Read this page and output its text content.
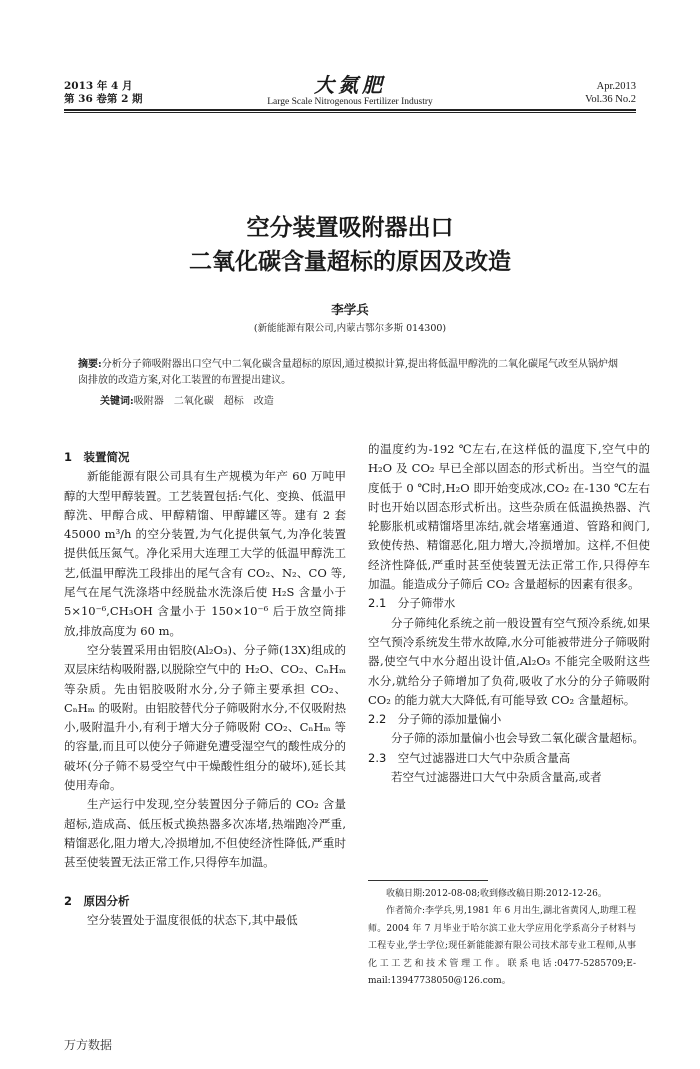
2013 年 4 月
第 36 卷第 2 期
大氮肥
Large Scale Nitrogenous Fertilizer Industry
Apr.2013
Vol.36 No.2
空分装置吸附器出口
二氧化碳含量超标的原因及改造
李学兵
(新能能源有限公司,内蒙古鄂尔多斯 014300)
摘要:分析分子筛吸附器出口空气中二氧化碳含量超标的原因,通过模拟计算,提出将低温甲醇洗的二氧化碳尾气改至从锅炉烟囱排放的改造方案,对化工装置的布置提出建议。
关键词:吸附器　二氧化碳　超标　改造
1　装置简况

新能能源有限公司具有生产规模为年产 60 万吨甲醇的大型甲醇装置。工艺装置包括:气化、变换、低温甲醇洗、甲醇合成、甲醇精馏、甲醇罐区等。建有 2 套 45000 m³/h 的空分装置,为气化提供氧气,为净化装置提供低压氮气。净化采用大连理工大学的低温甲醇洗工艺,低温甲醇洗工段排出的尾气含有 CO₂、N₂、CO 等,尾气在尾气洗涤塔中经脱盐水洗涤后使 H₂S 含量小于 5×10⁻⁶,CH₃OH 含量小于 150×10⁻⁶ 后于放空筒排放,排放高度为 60 m。

空分装置采用由铝胶(Al₂O₃)、分子筛(13X)组成的双层床结构吸附器,以脱除空气中的 H₂O、CO₂、CₙHₘ 等杂质。先由铝胶吸附水分,分子筛主要承担 CO₂、CₙHₘ 的吸附。由铝胶替代分子筛吸附水分,不仅吸附热小,吸附温升小,有利于增大分子筛吸附 CO₂、CₙHₘ 等的容量,而且可以使分子筛避免遭受湿空气的酸性成分的破坏(分子筛不易受空气中干燥酸性组分的破坏),延长其使用寿命。

生产运行中发现,空分装置因分子筛后的 CO₂ 含量超标,造成高、低压板式换热器多次冻堵,热端跑冷严重,精馏恶化,阻力增大,冷损增加,不但使经济性降低,严重时甚至使装置无法正常工作,只得停车加温。

2　原因分析

空分装置处于温度很低的状态下,其中最低

的温度约为-192 ℃左右,在这样低的温度下,空气中的 H₂O 及 CO₂ 早已全部以固态的形式析出。当空气的温度低于 0 ℃时,H₂O 即开始变成冰,CO₂ 在-130 ℃左右时也开始以固态形式析出。这些杂质在低温换热器、汽轮膨胀机或精馏塔里冻结,就会堵塞通道、管路和阀门,致使传热、精馏恶化,阻力增大,冷损增加。这样,不但使经济性降低,严重时甚至使装置无法正常工作,只得停车加温。能造成分子筛后 CO₂ 含量超标的因素有很多。

2.1　分子筛带水

分子筛纯化系统之前一般设置有空气预冷系统,如果空气预冷系统发生带水故障,水分可能被带进分子筛吸附器,使空气中水分超出设计值,Al₂O₃ 不能完全吸附这些水分,就给分子筛增加了负荷,吸收了水分的分子筛吸附 CO₂ 的能力就大大降低,有可能导致 CO₂ 含量超标。

2.2　分子筛的添加量偏小

分子筛的添加量偏小也会导致二氧化碳含量超标。

2.3　空气过滤器进口大气中杂质含量高

若空气过滤器进口大气中杂质含量高,或者

收稿日期:2012-08-08;收到修改稿日期:2012-12-26。

作者简介:李学兵,男,1981 年 6 月出生,湖北省黄冈人,助理工程师。2004 年 7 月毕业于哈尔滨工业大学应用化学系高分子材料与工程专业,学士学位;现任新能能源有限公司技术部专业工程师,从事化工工艺和技术管理工作。联系电话:0477-5285709;E-mail:13947738050@126.com。

万方数据
